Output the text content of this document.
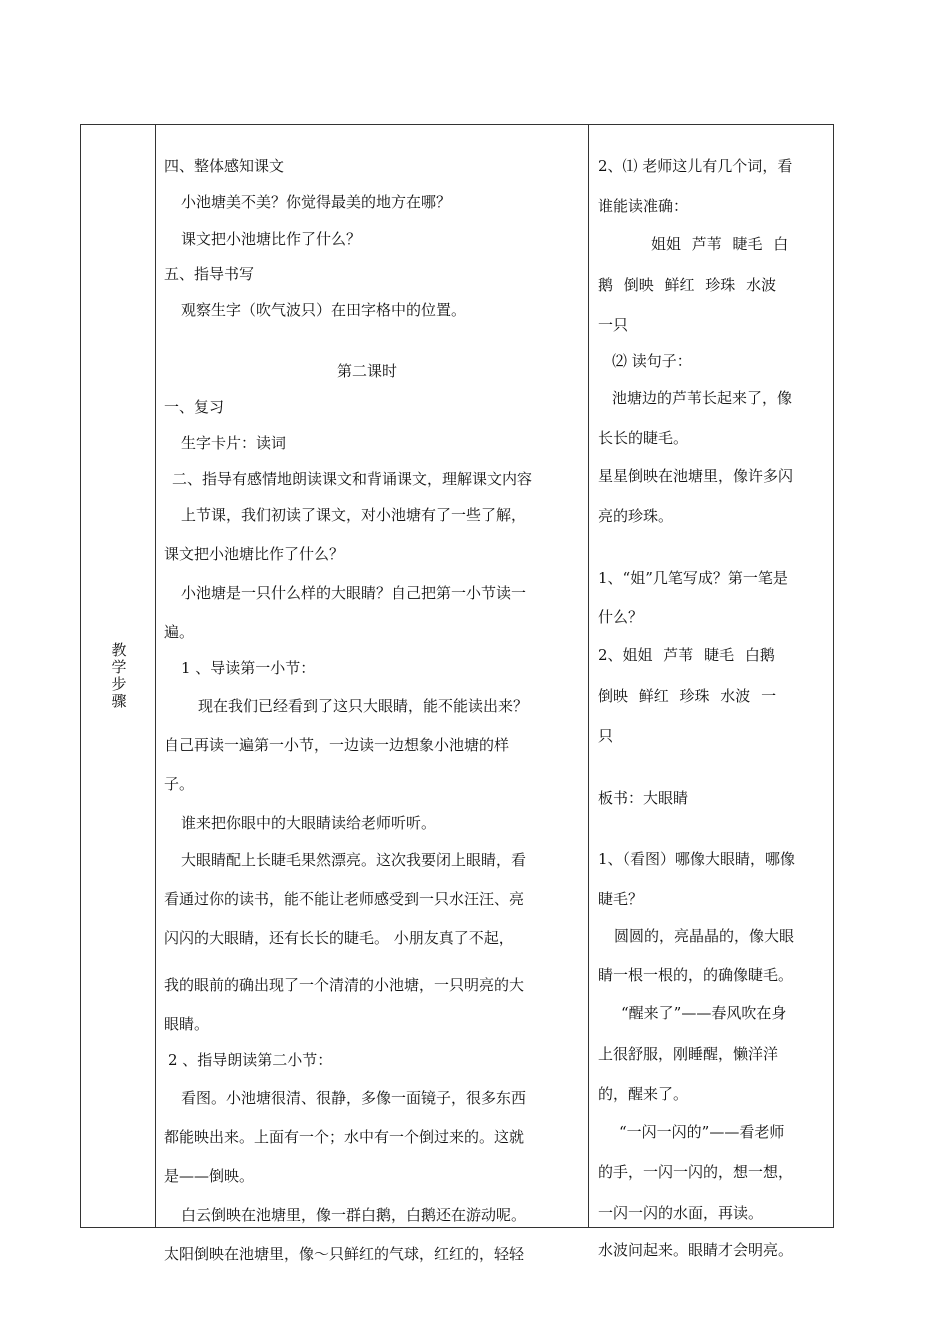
教学步骤
四、整体感知课文
小池塘美不美？你觉得最美的地方在哪？
课文把小池塘比作了什么？
五、指导书写
观察生字（吹气波只）在田字格中的位置。
第二课时
一、复习
生字卡片：读词
二、指导有感情地朗读课文和背诵课文，理解课文内容
上节课，我们初读了课文，对小池塘有了一些了解，
课文把小池塘比作了什么？
小池塘是一只什么样的大眼睛？自己把第一小节读一
遍。
1 、导读第一小节：
现在我们已经看到了这只大眼睛，能不能读出来？
自己再读一遍第一小节，一边读一边想象小池塘的样
子。
谁来把你眼中的大眼睛读给老师听听。
大眼睛配上长睫毛果然漂亮。这次我要闭上眼睛，看
看通过你的读书，能不能让老师感受到一只水汪汪、亮
闪闪的大眼睛，还有长长的睫毛。 小朋友真了不起，
我的眼前的确出现了一个清清的小池塘，一只明亮的大
眼睛。
2 、指导朗读第二小节：
看图。小池塘很清、很静，多像一面镜子，很多东西
都能映出来。上面有一个；水中有一个倒过来的。这就
是——倒映。
白云倒映在池塘里，像一群白鹅，白鹅还在游动呢。
2、⑴ 老师这儿有几个词，看
谁能读准确：
姐姐 芦苇 睫毛 白
鹅 倒映 鲜红 珍珠 水波
一只
⑵ 读句子：
池塘边的芦苇长起来了，像
长长的睫毛。
星星倒映在池塘里，像许多闪
亮的珍珠。
1、“姐”几笔写成？第一笔是
什么？
2、姐姐 芦苇 睫毛 白鹅
倒映 鲜红 珍珠 水波 一
只
板书：大眼睛
1、（看图）哪像大眼睛，哪像
睫毛？
圆圆的，亮晶晶的，像大眼
睛一根一根的，的确像睫毛。
“醒来了”——春风吹在身
上很舒服，刚睡醒，懒洋洋
的，醒来了。
“一闪一闪的”——看老师
的手，一闪一闪的，想一想，
一闪一闪的水面，再读。
太阳倒映在池塘里，像～只鲜红的气球，红红的，轻轻	水波问起来。眼睛才会明亮。
